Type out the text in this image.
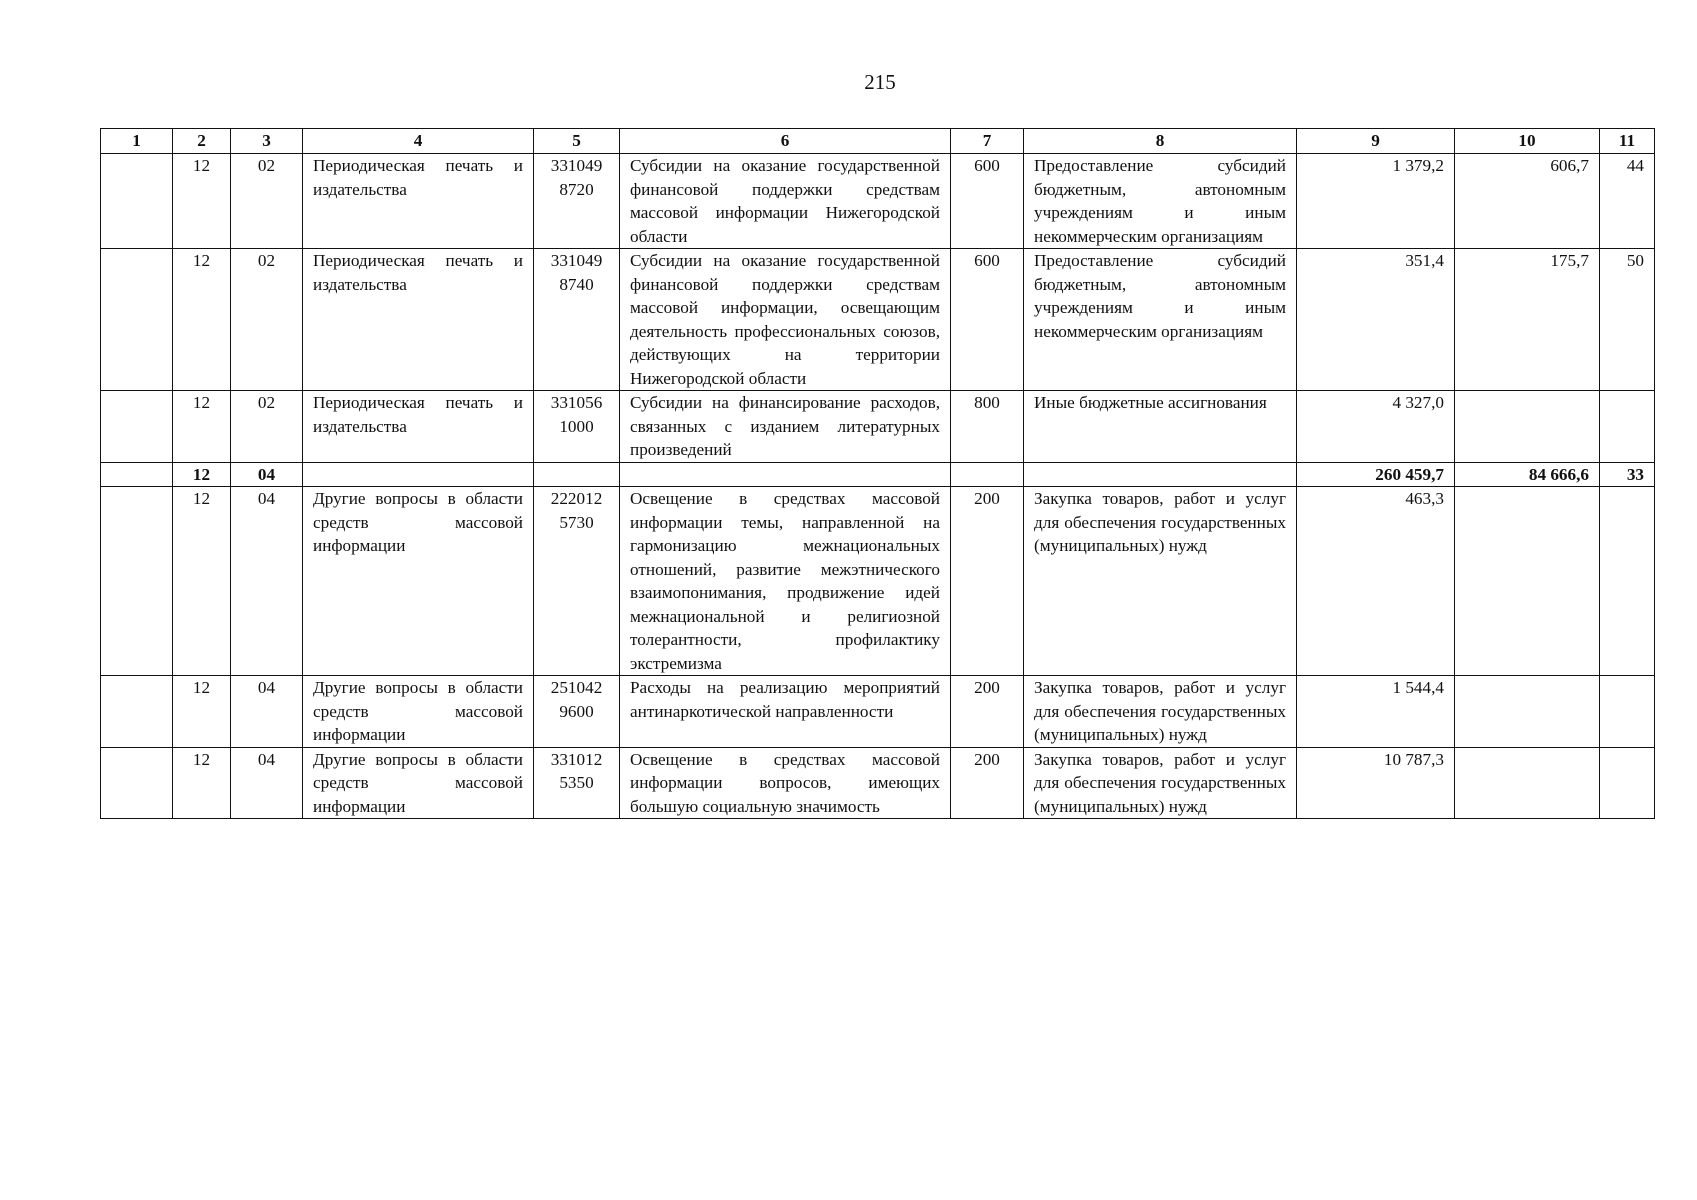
215
1	2	3	4	5	6	7	8	9	10	11
	12	02	Периодическая печать и издательства	331049 8720	Субсидии на оказание государственной финансовой поддержки средствам массовой информации Нижегородской области	600	Предоставление субсидий бюджетным, автономным учреждениям и иным некоммерческим организациям	1 379,2	606,7	44
	12	02	Периодическая печать и издательства	331049 8740	Субсидии на оказание государственной финансовой поддержки средствам массовой информации, освещающим деятельность профессиональных союзов, действующих на территории Нижегородской области	600	Предоставление субсидий бюджетным, автономным учреждениям и иным некоммерческим организациям	351,4	175,7	50
	12	02	Периодическая печать и издательства	331056 1000	Субсидии на финансирование расходов, связанных с изданием литературных произведений	800	Иные бюджетные ассигнования	4 327,0		
	12	04						260 459,7	84 666,6	33
	12	04	Другие вопросы в области средств массовой информации	222012 5730	Освещение в средствах массовой информации темы, направленной на гармонизацию межнациональных отношений, развитие межэтнического взаимопонимания, продвижение идей межнациональной и религиозной толерантности, профилактику экстремизма	200	Закупка товаров, работ и услуг для обеспечения государственных (муниципальных) нужд	463,3		
	12	04	Другие вопросы в области средств массовой информации	251042 9600	Расходы на реализацию мероприятий антинаркотической направленности	200	Закупка товаров, работ и услуг для обеспечения государственных (муниципальных) нужд	1 544,4		
	12	04	Другие вопросы в области средств массовой информации	331012 5350	Освещение в средствах массовой информации вопросов, имеющих большую социальную значимость	200	Закупка товаров, работ и услуг для обеспечения государственных (муниципальных) нужд	10 787,3		
